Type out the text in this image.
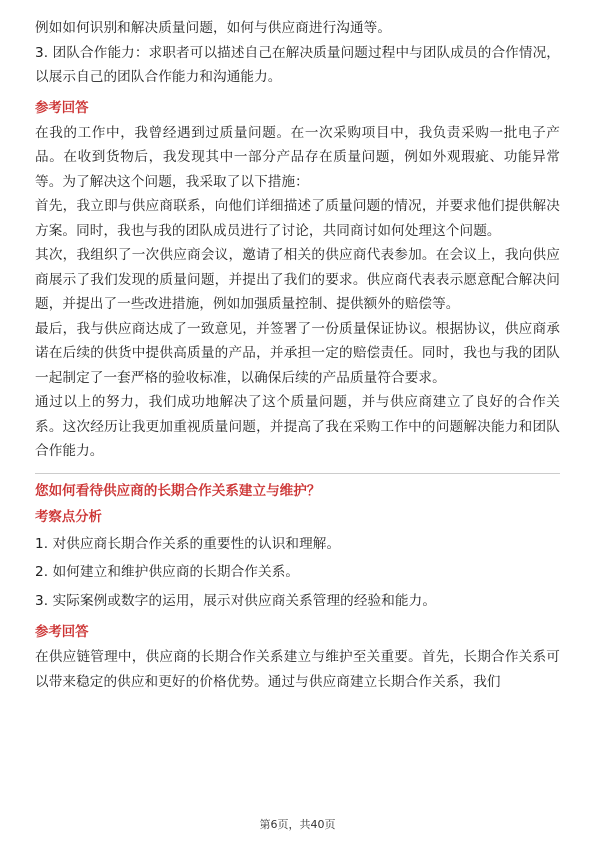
例如如何识别和解决质量问题，如何与供应商进行沟通等。

3. 团队合作能力：求职者可以描述自己在解决质量问题过程中与团队成员的合作情况，以展示自己的团队合作能力和沟通能力。

参考回答

在我的工作中，我曾经遇到过质量问题。在一次采购项目中，我负责采购一批电子产品。在收到货物后，我发现其中一部分产品存在质量问题，例如外观瑕疵、功能异常等。为了解决这个问题，我采取了以下措施：

首先，我立即与供应商联系，向他们详细描述了质量问题的情况，并要求他们提供解决方案。同时，我也与我的团队成员进行了讨论，共同商讨如何处理这个问题。

其次，我组织了一次供应商会议，邀请了相关的供应商代表参加。在会议上，我向供应商展示了我们发现的质量问题，并提出了我们的要求。供应商代表表示愿意配合解决问题，并提出了一些改进措施，例如加强质量控制、提供额外的赔偿等。

最后，我与供应商达成了一致意见，并签署了一份质量保证协议。根据协议，供应商承诺在后续的供货中提供高质量的产品，并承担一定的赔偿责任。同时，我也与我的团队一起制定了一套严格的验收标准，以确保后续的产品质量符合要求。

通过以上的努力，我们成功地解决了这个质量问题，并与供应商建立了良好的合作关系。这次经历让我更加重视质量问题，并提高了我在采购工作中的问题解决能力和团队合作能力。

您如何看待供应商的长期合作关系建立与维护？

考察点分析

1. 对供应商长期合作关系的重要性的认识和理解。

2. 如何建立和维护供应商的长期合作关系。

3. 实际案例或数字的运用，展示对供应商关系管理的经验和能力。

参考回答

在供应链管理中，供应商的长期合作关系建立与维护至关重要。首先，长期合作关系可以带来稳定的供应和更好的价格优势。通过与供应商建立长期合作关系，我们

第6页，共40页
